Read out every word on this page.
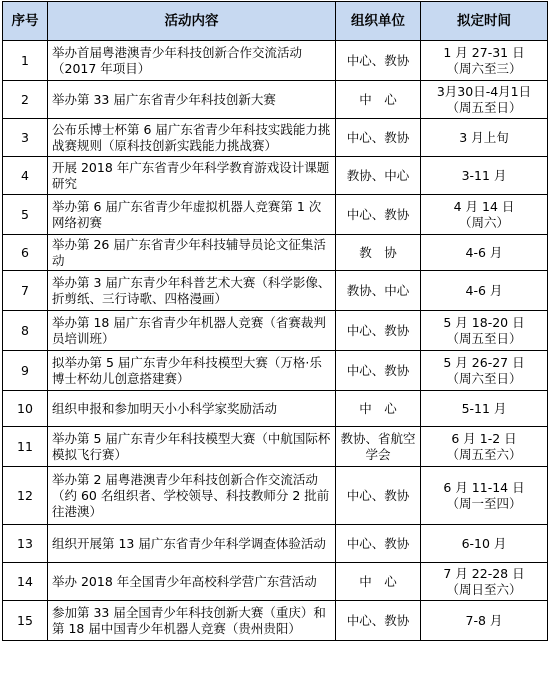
序号	活动内容	组织单位	拟定时间

1	举办首届粤港澳青少年科技创新合作交流活动（2017 年项目）	中心、教协	1 月 27-31 日
（周六至三）

2	举办第 33 届广东省青少年科技创新大赛	中　心	3月30日-4月1日
（周五至日）

3	公布乐博士杯第 6 届广东省青少年科技实践能力挑战赛规则（原科技创新实践能力挑战赛）	中心、教协	3 月上旬

4	开展 2018 年广东省青少年科学教育游戏设计课题研究	教协、中心	3-11 月

5	举办第 6 届广东省青少年虚拟机器人竞赛第 1 次网络初赛	中心、教协	4 月 14 日
（周六）

6	举办第 26 届广东省青少年科技辅导员论文征集活动	教　协	4-6 月

7	举办第 3 届广东青少年科普艺术大赛（科学影像、折剪纸、三行诗歌、四格漫画）	教协、中心	4-6 月

8	举办第 18 届广东省青少年机器人竞赛（省赛裁判员培训班）	中心、教协	5 月 18-20 日
（周五至日）

9	拟举办第 5 届广东青少年科技模型大赛（万格·乐博士杯幼儿创意搭建赛）	中心、教协	5 月 26-27 日
（周六至日）

10	组织申报和参加明天小小科学家奖励活动	中　心	5-11 月

11	举办第 5 届广东青少年科技模型大赛（中航国际杯模拟飞行赛）	教协、省航空学会	6 月 1-2 日
（周五至六）

12	举办第 2 届粤港澳青少年科技创新合作交流活动（约 60 名组织者、学校领导、科技教师分 2 批前往港澳）	中心、教协	6 月 11-14 日
（周一至四）

13	组织开展第 13 届广东省青少年科学调查体验活动	中心、教协	6-10 月

14	举办 2018 年全国青少年高校科学营广东营活动	中　心	7 月 22-28 日
（周日至六）

15	参加第 33 届全国青少年科技创新大赛（重庆）和第 18 届中国青少年机器人竞赛（贵州贵阳）	中心、教协	7-8 月
